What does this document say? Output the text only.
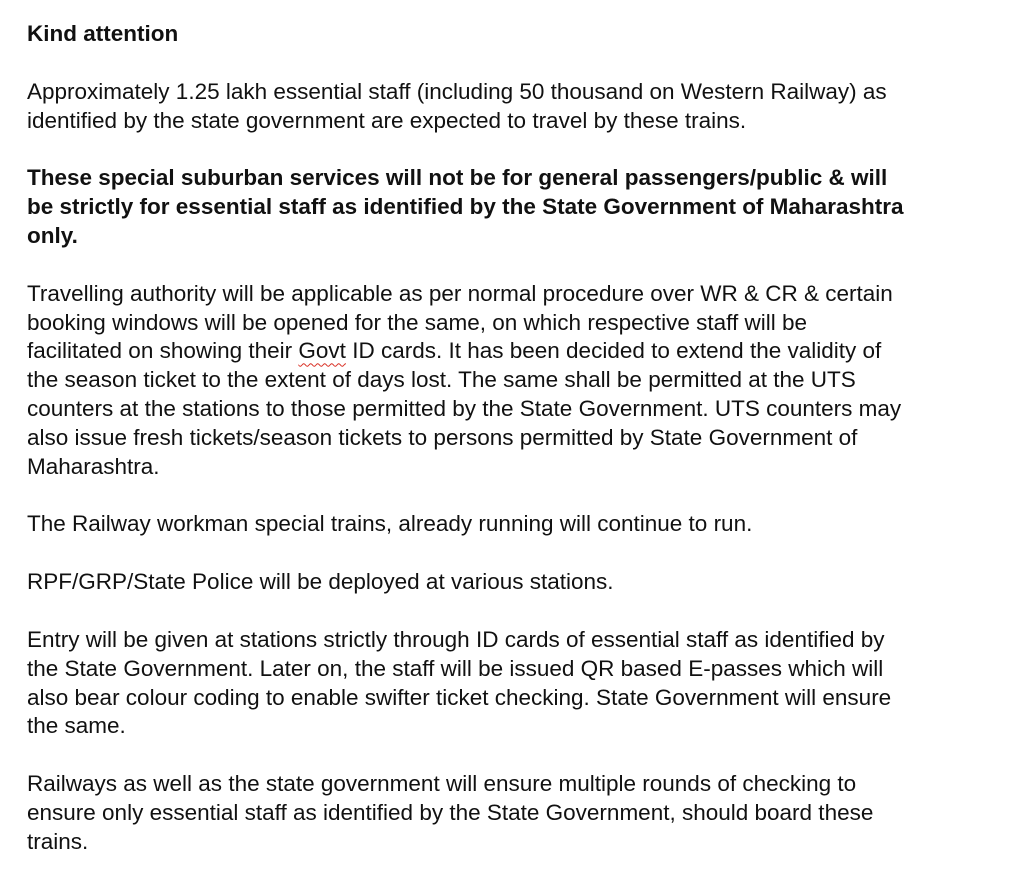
Kind attention

Approximately 1.25 lakh essential staff (including 50 thousand on Western Railway) as
identified by the state government are expected to travel by these trains.

These special suburban services will not be for general passengers/public & will
be strictly for essential staff as identified by the State Government of Maharashtra
only.

Travelling authority will be applicable as per normal procedure over WR & CR & certain
booking windows will be opened for the same, on which respective staff will be
facilitated on showing their Govt ID cards. It has been decided to extend the validity of
the season ticket to the extent of days lost. The same shall be permitted at the UTS
counters at the stations to those permitted by the State Government. UTS counters may
also issue fresh tickets/season tickets to persons permitted by State Government of
Maharashtra.

The Railway workman special trains, already running will continue to run.

RPF/GRP/State Police will be deployed at various stations.

Entry will be given at stations strictly through ID cards of essential staff as identified by
the State Government. Later on, the staff will be issued QR based E-passes which will
also bear colour coding to enable swifter ticket checking. State Government will ensure
the same.

Railways as well as the state government will ensure multiple rounds of checking to
ensure only essential staff as identified by the State Government, should board these
trains.
